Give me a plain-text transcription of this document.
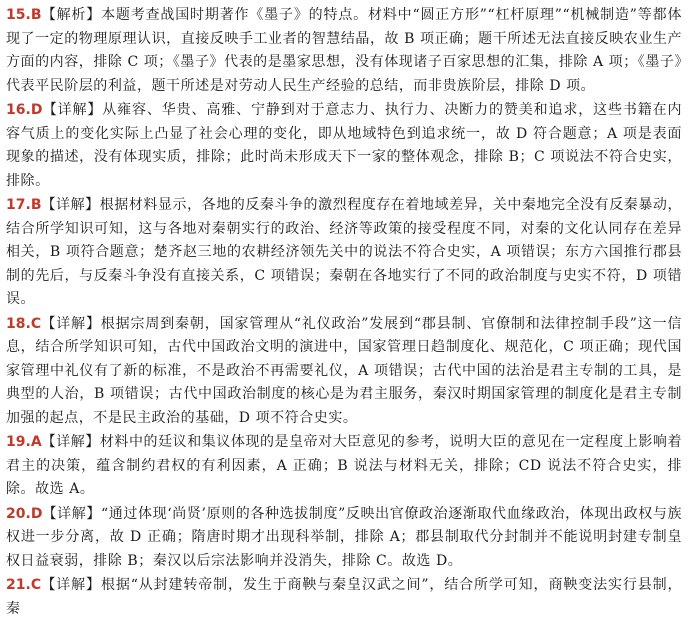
15.B【解析】本题考查战国时期著作《墨子》的特点。材料中“圆正方形”“杠杆原理”“机械制造”等都体现了一定的物理原理认识，直接反映手工业者的智慧结晶，故 B 项正确；题干所述无法直接反映农业生产方面的内容，排除 C 项；《墨子》代表的是墨家思想，没有体现诸子百家思想的汇集，排除 A 项；《墨子》代表平民阶层的利益，题干所述是对劳动人民生产经验的总结，而非贵族阶层，排除 D 项。

16.D【详解】从雍容、华贵、高雅、宁静到对于意志力、执行力、决断力的赞美和追求，这些书籍在内容气质上的变化实际上凸显了社会心理的变化，即从地域特色到追求统一，故 D 符合题意；A 项是表面现象的描述，没有体现实质，排除；此时尚未形成天下一家的整体观念，排除 B；C 项说法不符合史实，排除。

17.B【详解】根据材料显示，各地的反秦斗争的激烈程度存在着地域差异，关中秦地完全没有反秦暴动，结合所学知识可知，这与各地对秦朝实行的政治、经济等政策的接受程度不同，对秦的文化认同存在差异相关，B 项符合题意；楚齐赵三地的农耕经济领先关中的说法不符合史实，A 项错误；东方六国推行郡县制的先后，与反秦斗争没有直接关系，C 项错误；秦朝在各地实行了不同的政治制度与史实不符，D 项错误。

18.C【详解】根据宗周到秦朝，国家管理从“礼仪政治”发展到“郡县制、官僚制和法律控制手段”这一信息，结合所学知识可知，古代中国政治文明的演进中，国家管理日趋制度化、规范化，C 项正确；现代国家管理中礼仪有了新的标准，不是政治不再需要礼仪，A 项错误；古代中国的法治是君主专制的工具，是典型的人治，B 项错误；古代中国政治制度的核心是为君主服务，秦汉时期国家管理的制度化是君主专制加强的起点，不是民主政治的基础，D 项不符合史实。

19.A【详解】材料中的廷议和集议体现的是皇帝对大臣意见的参考，说明大臣的意见在一定程度上影响着君主的决策，蕴含制约君权的有利因素，A 正确；B 说法与材料无关，排除；CD 说法不符合史实，排除。故选 A。

20.D【详解】“通过体现‘尚贤’原则的各种选拔制度”反映出官僚政治逐渐取代血缘政治，体现出政权与族权进一步分离，故 D 正确；隋唐时期才出现科举制，排除 A；郡县制取代分封制并不能说明封建专制皇权日益衰弱，排除 B；秦汉以后宗法影响并没消失，排除 C。故选 D。

21.C【详解】根据“从封建转帝制，发生于商鞅与秦皇汉武之间”，结合所学可知，商鞅变法实行县制，秦
